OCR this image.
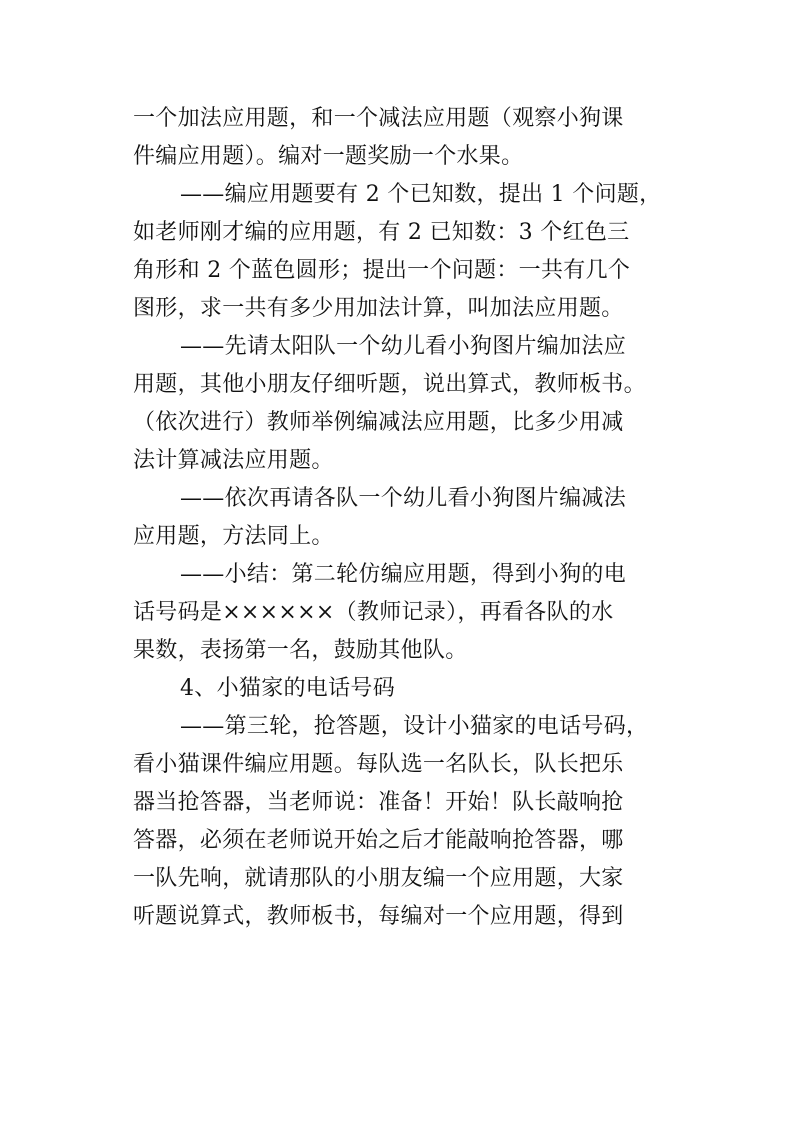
一个加法应用题，和一个减法应用题（观察小狗课
件编应用题）。编对一题奖励一个水果。
——编应用题要有 2 个已知数，提出 1 个问题，
如老师刚才编的应用题，有 2 已知数：3 个红色三
角形和 2 个蓝色圆形；提出一个问题：一共有几个
图形，求一共有多少用加法计算，叫加法应用题。
——先请太阳队一个幼儿看小狗图片编加法应
用题，其他小朋友仔细听题，说出算式，教师板书。
（依次进行）教师举例编减法应用题，比多少用减
法计算减法应用题。
——依次再请各队一个幼儿看小狗图片编减法
应用题，方法同上。
——小结：第二轮仿编应用题，得到小狗的电
话号码是××××××（教师记录），再看各队的水
果数，表扬第一名，鼓励其他队。
4、小猫家的电话号码
——第三轮，抢答题，设计小猫家的电话号码，
看小猫课件编应用题。每队选一名队长，队长把乐
器当抢答器，当老师说：准备！开始！队长敲响抢
答器，必须在老师说开始之后才能敲响抢答器，哪
一队先响，就请那队的小朋友编一个应用题，大家
听题说算式，教师板书，每编对一个应用题，得到
